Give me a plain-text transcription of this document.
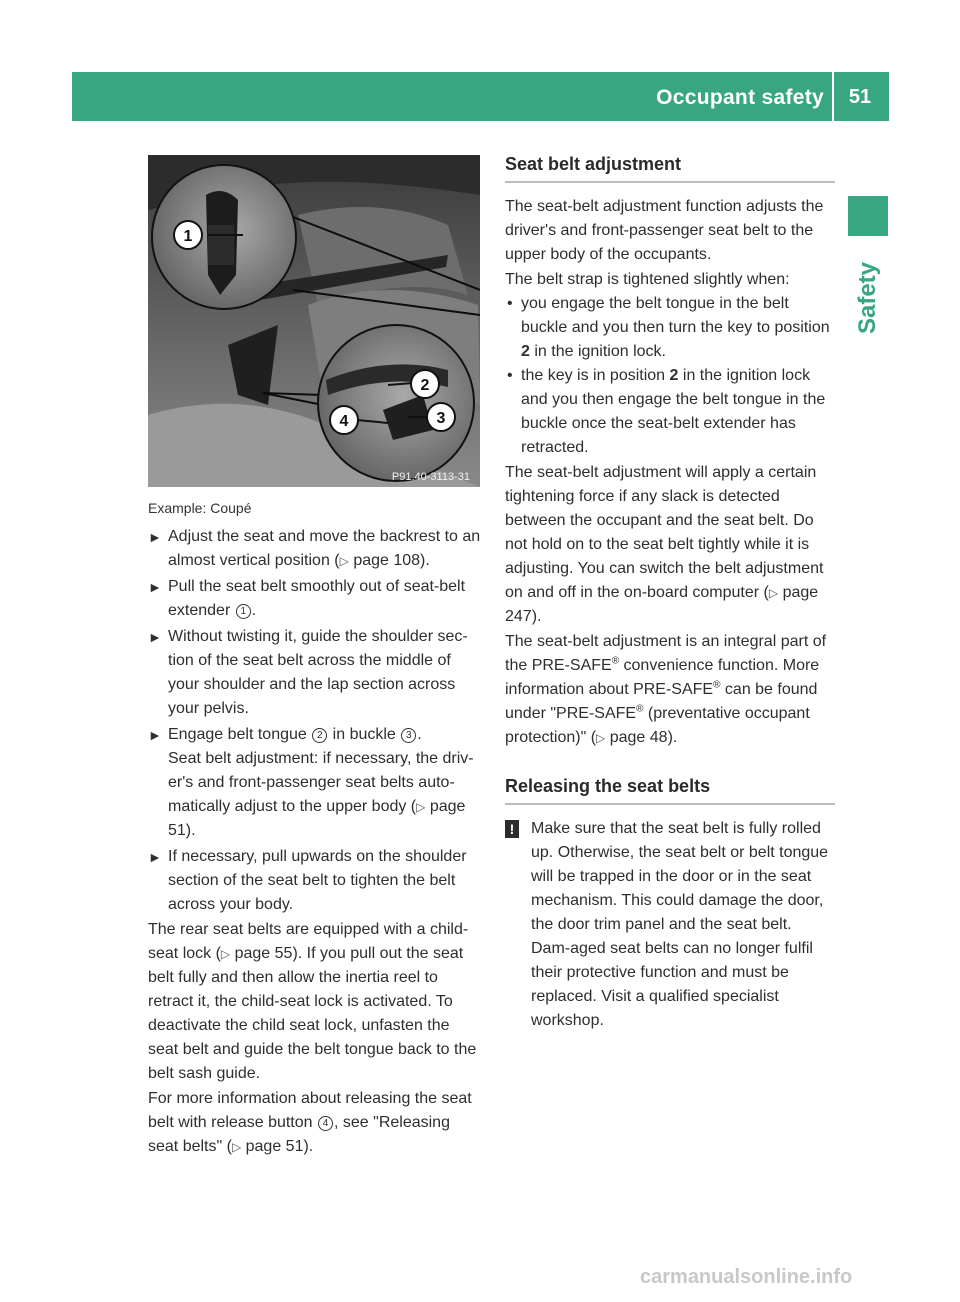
Occupant safety	51
Safety
1
2
3
4
P91.40-3113-31
Example: Coupé
► Adjust the seat and move the backrest to an almost vertical position (▷ page 108).
► Pull the seat belt smoothly out of seat-belt extender 1 .
► Without twisting it, guide the shoulder sec-tion of the seat belt across the middle of your shoulder and the lap section across your pelvis.
► Engage belt tongue 2 in buckle 3 .
Seat belt adjustment: if necessary, the driv-er's and front-passenger seat belts auto-matically adjust to the upper body (▷ page 51).
► If necessary, pull upwards on the shoulder section of the seat belt to tighten the belt across your body.

The rear seat belts are equipped with a child-seat lock (▷ page 55). If you pull out the seat belt fully and then allow the inertia reel to retract it, the child-seat lock is activated. To deactivate the child seat lock, unfasten the seat belt and guide the belt tongue back to the belt sash guide.

For more information about releasing the seat belt with release button 4 , see "Releasing seat belts" (▷ page 51).

Seat belt adjustment

The seat-belt adjustment function adjusts the driver's and front-passenger seat belt to the upper body of the occupants.

The belt strap is tightened slightly when:

• you engage the belt tongue in the belt buckle and you then turn the key to position 2 in the ignition lock.
• the key is in position 2 in the ignition lock and you then engage the belt tongue in the buckle once the seat-belt extender has retracted.

The seat-belt adjustment will apply a certain tightening force if any slack is detected between the occupant and the seat belt. Do not hold on to the seat belt tightly while it is adjusting. You can switch the belt adjustment on and off in the on-board computer (▷ page 247).

The seat-belt adjustment is an integral part of the PRE-SAFE® convenience function. More information about PRE-SAFE® can be found under "PRE-SAFE® (preventative occupant protection)" (▷ page 48).

Releasing the seat belts
! Make sure that the seat belt is fully rolled up. Otherwise, the seat belt or belt tongue will be trapped in the door or in the seat mechanism. This could damage the door, the door trim panel and the seat belt. Dam-aged seat belts can no longer fulfil their protective function and must be replaced. Visit a qualified specialist workshop.
carmanualsonline.info
